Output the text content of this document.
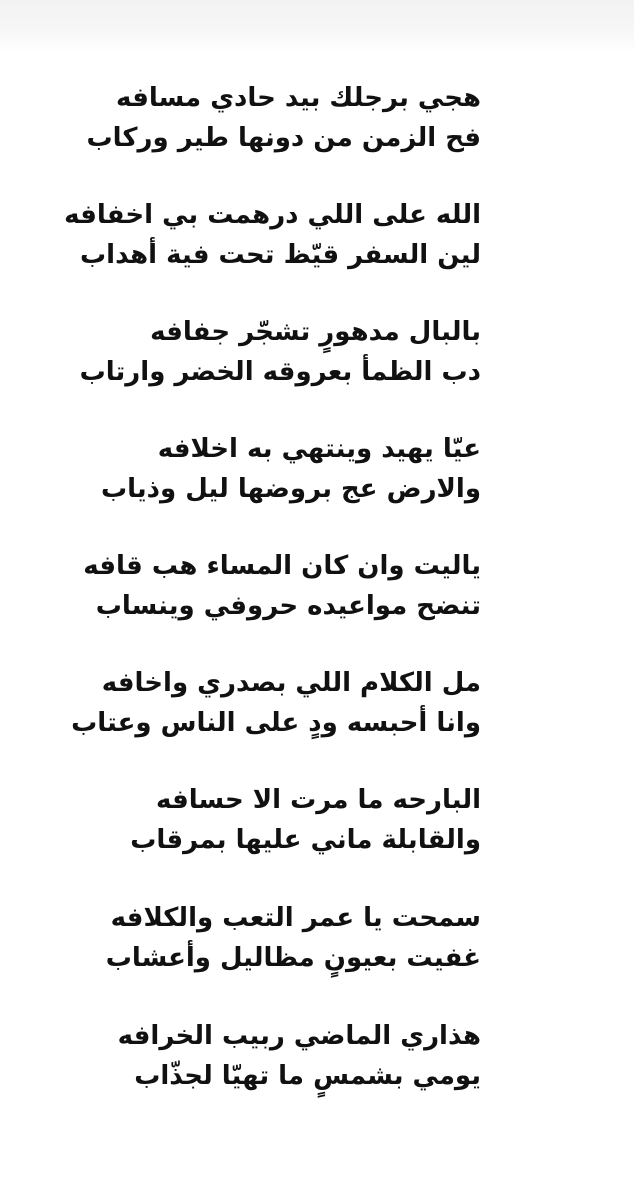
هجي برجلك بيد حادي مسافه
فح الزمن من دونها طير وركاب
الله على اللي درهمت بي اخفافه
لين السفر قيّظ تحت فية أهداب
بالبال مدهورٍ تشجّر جفافه
دب الظمأ بعروقه الخضر وارتاب
عيّا يهيد وينتهي به اخلافه
والارض عج بروضها ليل وذياب
ياليت وان كان المساء هب قافه
تنضح مواعيده حروفي وينساب
مل الكلام اللي بصدري واخافه
وانا أحبسه ودٍ على الناس وعتاب
البارحه ما مرت الا حسافه
والقابلة ماني عليها بمرقاب
سمحت يا عمر التعب والكلافه
غفيت بعيونٍ مظاليل وأعشاب
هذاري الماضي ربيب الخرافه
يومي بشمسٍ ما تهيّا لجذّاب
